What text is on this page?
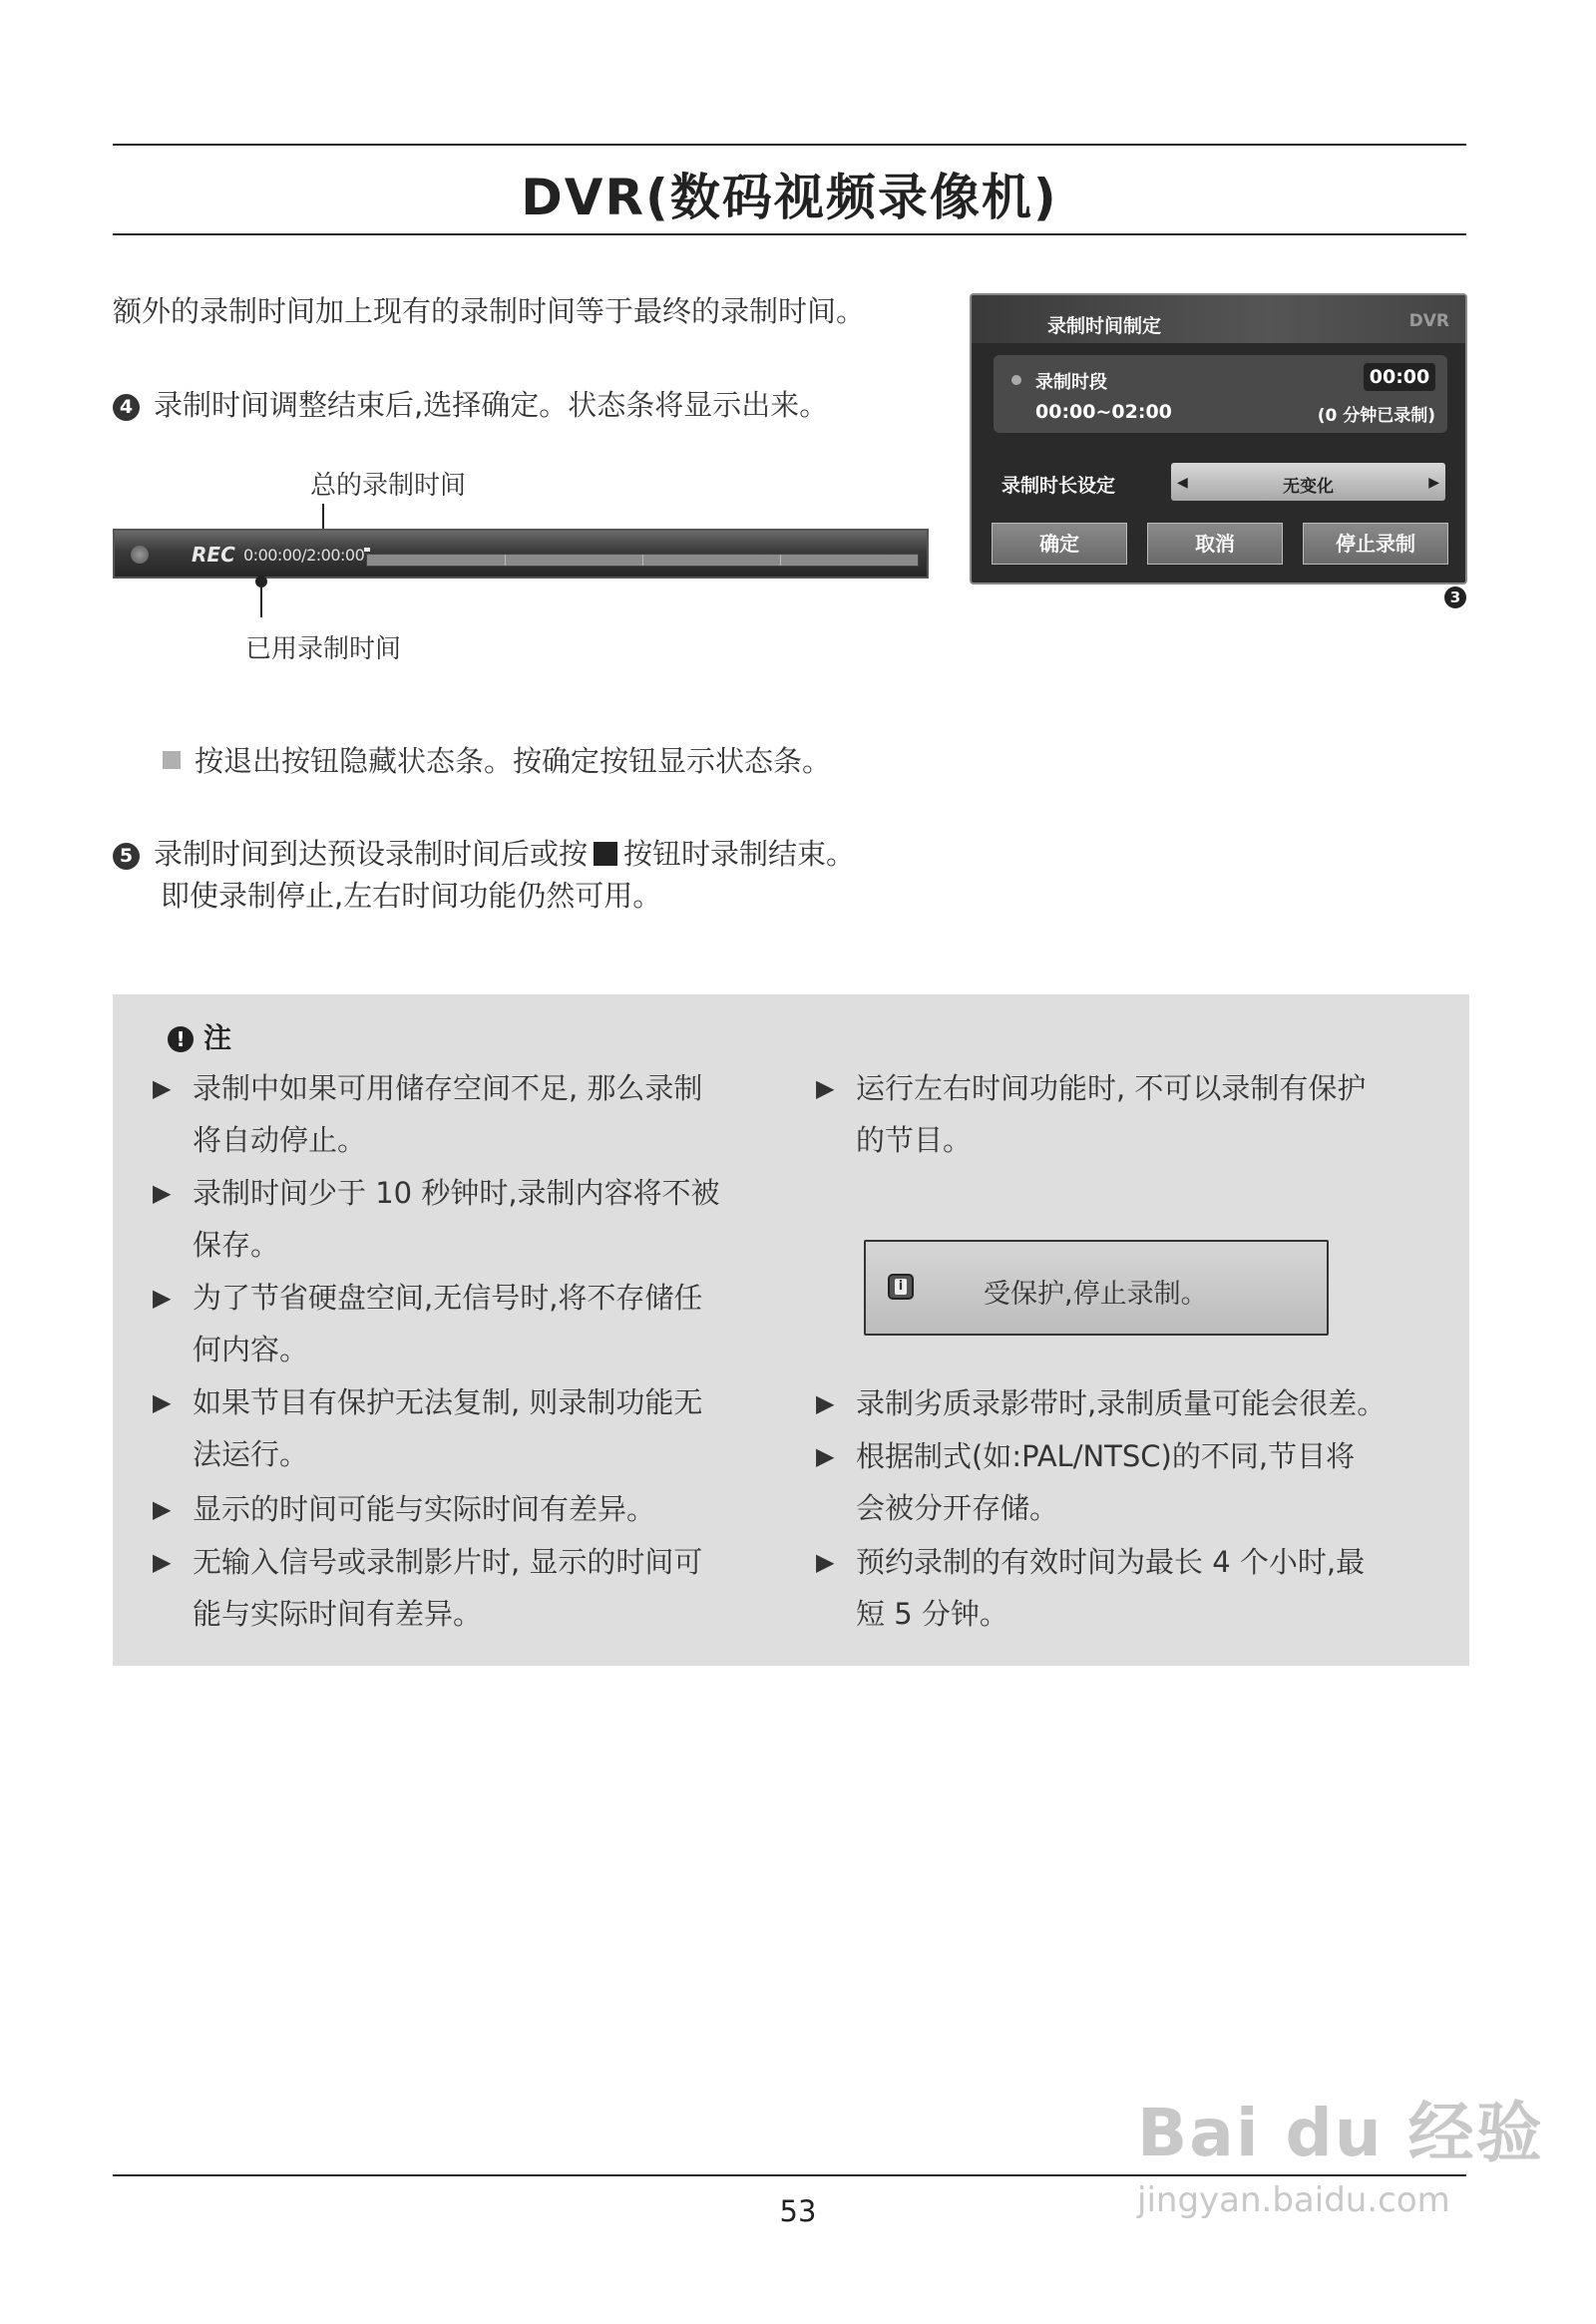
DVR(数码视频录像机)
额外的录制时间加上现有的录制时间等于最终的录制时间。
4 录制时间调整结束后,选择确定。状态条将显示出来。
总的录制时间
REC 0:00:00/2:00:00
已用录制时间
录制时间制定	DVR
录制时段	00:00
00:00~02:00	(0 分钟已录制)
录制时长设定	◀	无变化	▶
确定	取消	停止录制
3
按退出按钮隐藏状态条。按确定按钮显示状态条。
5 录制时间到达预设录制时间后或按 按钮时录制结束。
即使录制停止,左右时间功能仍然可用。
! 注
▶ 录制中如果可用储存空间不足, 那么录制
将自动停止。
▶ 录制时间少于 10 秒钟时,录制内容将不被
保存。
▶ 为了节省硬盘空间,无信号时,将不存储任
何内容。
▶ 如果节目有保护无法复制, 则录制功能无
法运行。
▶ 显示的时间可能与实际时间有差异。
▶ 无输入信号或录制影片时, 显示的时间可
能与实际时间有差异。
▶ 运行左右时间功能时, 不可以录制有保护
的节目。
i	受保护,停止录制。
▶ 录制劣质录影带时,录制质量可能会很差。
▶ 根据制式(如:PAL/NTSC)的不同,节目将
会被分开存储。
▶ 预约录制的有效时间为最长 4 个小时,最
短 5 分钟。
53
Bai du 经验
jingyan.baidu.com
